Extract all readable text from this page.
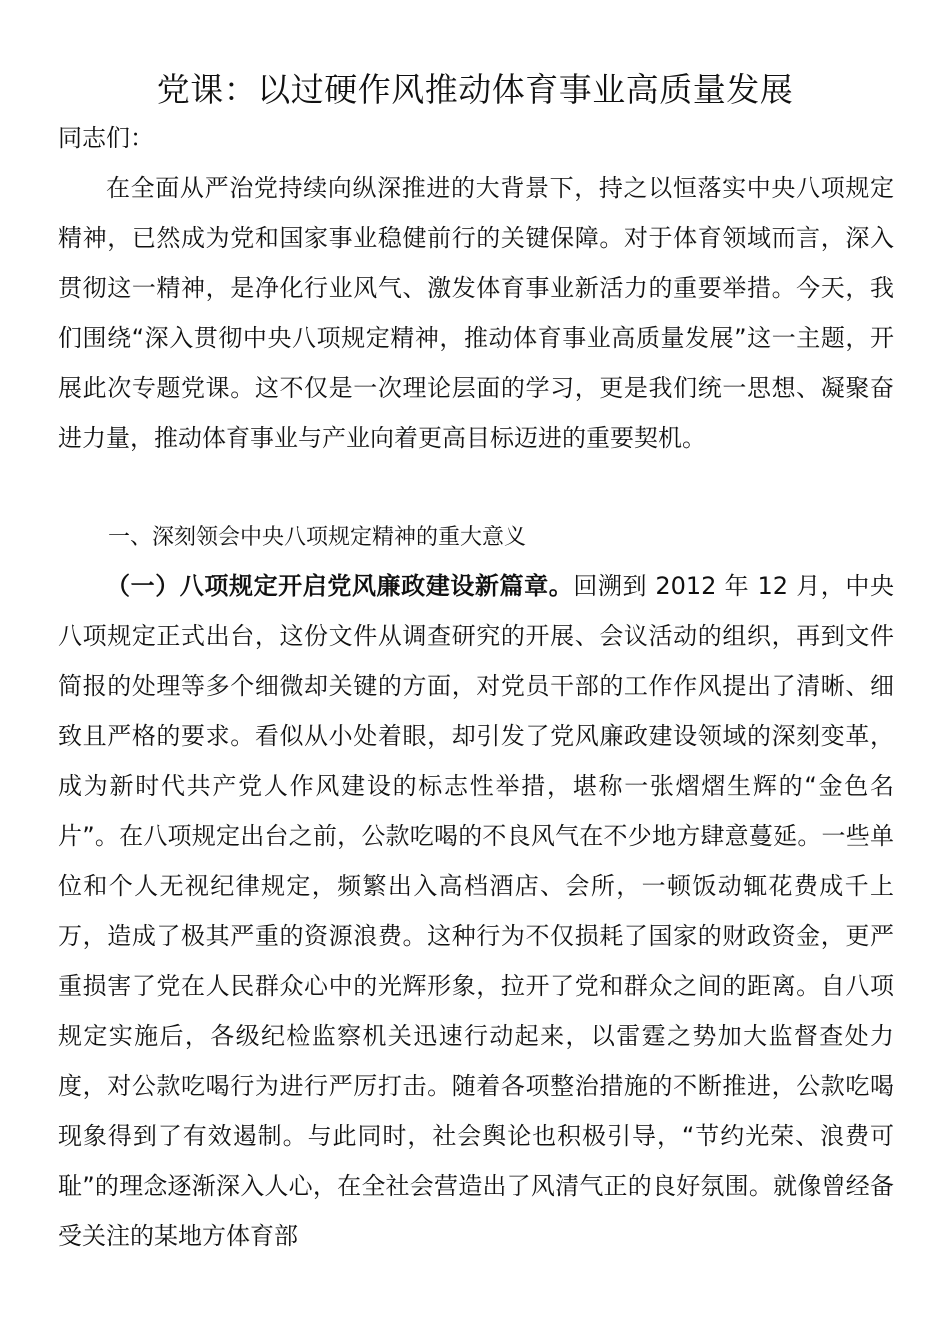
党课：以过硬作风推动体育事业高质量发展

同志们：

在全面从严治党持续向纵深推进的大背景下，持之以恒落实中央八项规定精神，已然成为党和国家事业稳健前行的关键保障。对于体育领域而言，深入贯彻这一精神，是净化行业风气、激发体育事业新活力的重要举措。今天，我们围绕“深入贯彻中央八项规定精神，推动体育事业高质量发展”这一主题，开展此次专题党课。这不仅是一次理论层面的学习，更是我们统一思想、凝聚奋进力量，推动体育事业与产业向着更高目标迈进的重要契机。

一、深刻领会中央八项规定精神的重大意义

（一）八项规定开启党风廉政建设新篇章。回溯到 2012 年 12 月，中央八项规定正式出台，这份文件从调查研究的开展、会议活动的组织，再到文件简报的处理等多个细微却关键的方面，对党员干部的工作作风提出了清晰、细致且严格的要求。看似从小处着眼，却引发了党风廉政建设领域的深刻变革，成为新时代共产党人作风建设的标志性举措，堪称一张熠熠生辉的“金色名片”。在八项规定出台之前，公款吃喝的不良风气在不少地方肆意蔓延。一些单位和个人无视纪律规定，频繁出入高档酒店、会所，一顿饭动辄花费成千上万，造成了极其严重的资源浪费。这种行为不仅损耗了国家的财政资金，更严重损害了党在人民群众心中的光辉形象，拉开了党和群众之间的距离。自八项规定实施后，各级纪检监察机关迅速行动起来，以雷霆之势加大监督查处力度，对公款吃喝行为进行严厉打击。随着各项整治措施的不断推进，公款吃喝现象得到了有效遏制。与此同时，社会舆论也积极引导，“节约光荣、浪费可耻”的理念逐渐深入人心，在全社会营造出了风清气正的良好氛围。就像曾经备受关注的某地方体育部
